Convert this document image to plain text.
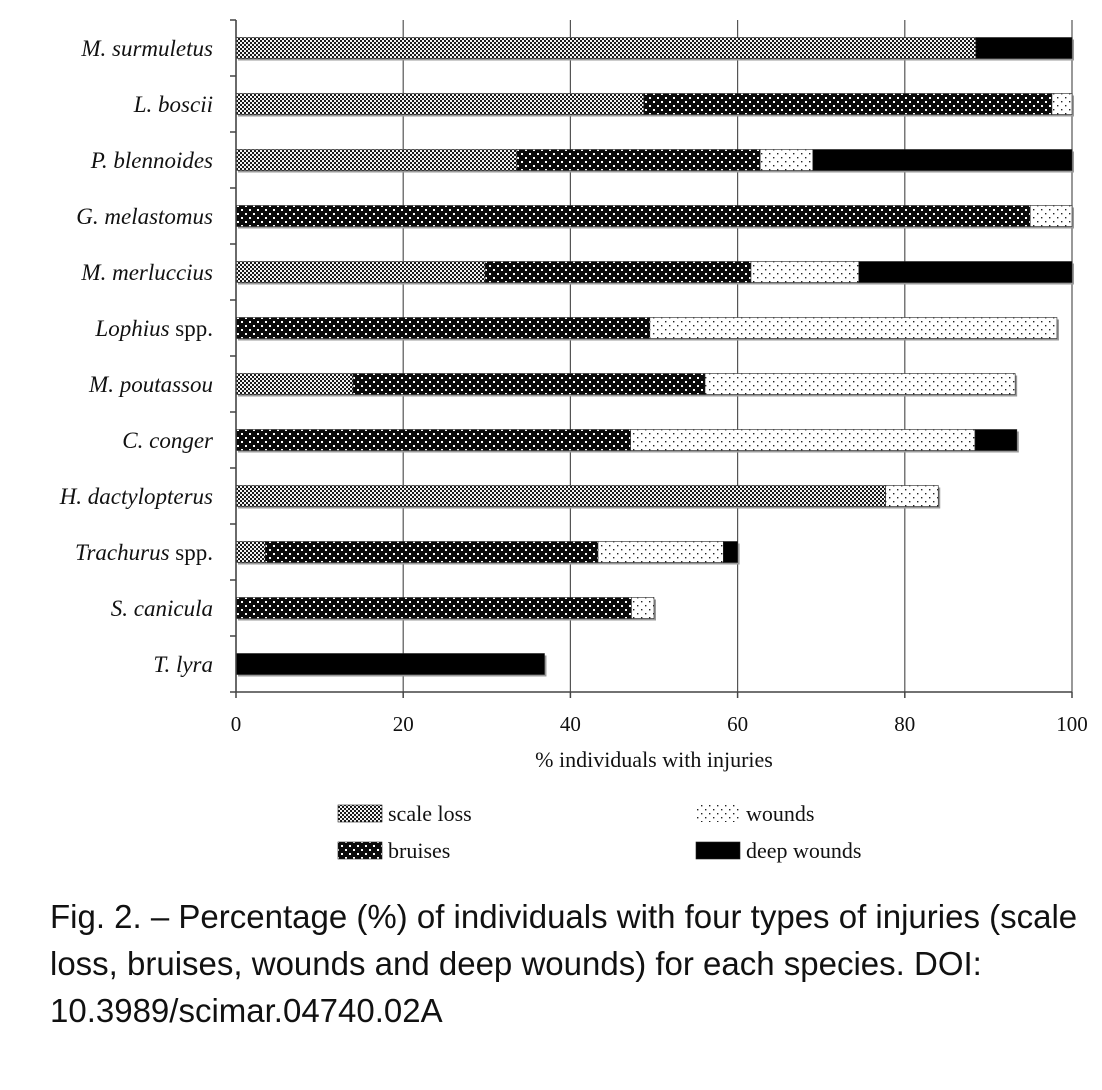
M. surmuletus
L. boscii
P. blennoides
G. melastomus
M. merluccius
Lophius spp.
M. poutassou
C. conger
H. dactylopterus
Trachurus spp.
S. canicula
T. lyra
0	20	40	60	80	100
% individuals with injuries
scale loss
bruises
wounds
deep wounds

Fig. 2. – Percentage (%) of individuals with four types of injuries (scale loss, bruises, wounds and deep wounds) for each species. DOI: 10.3989/scimar.04740.02A
